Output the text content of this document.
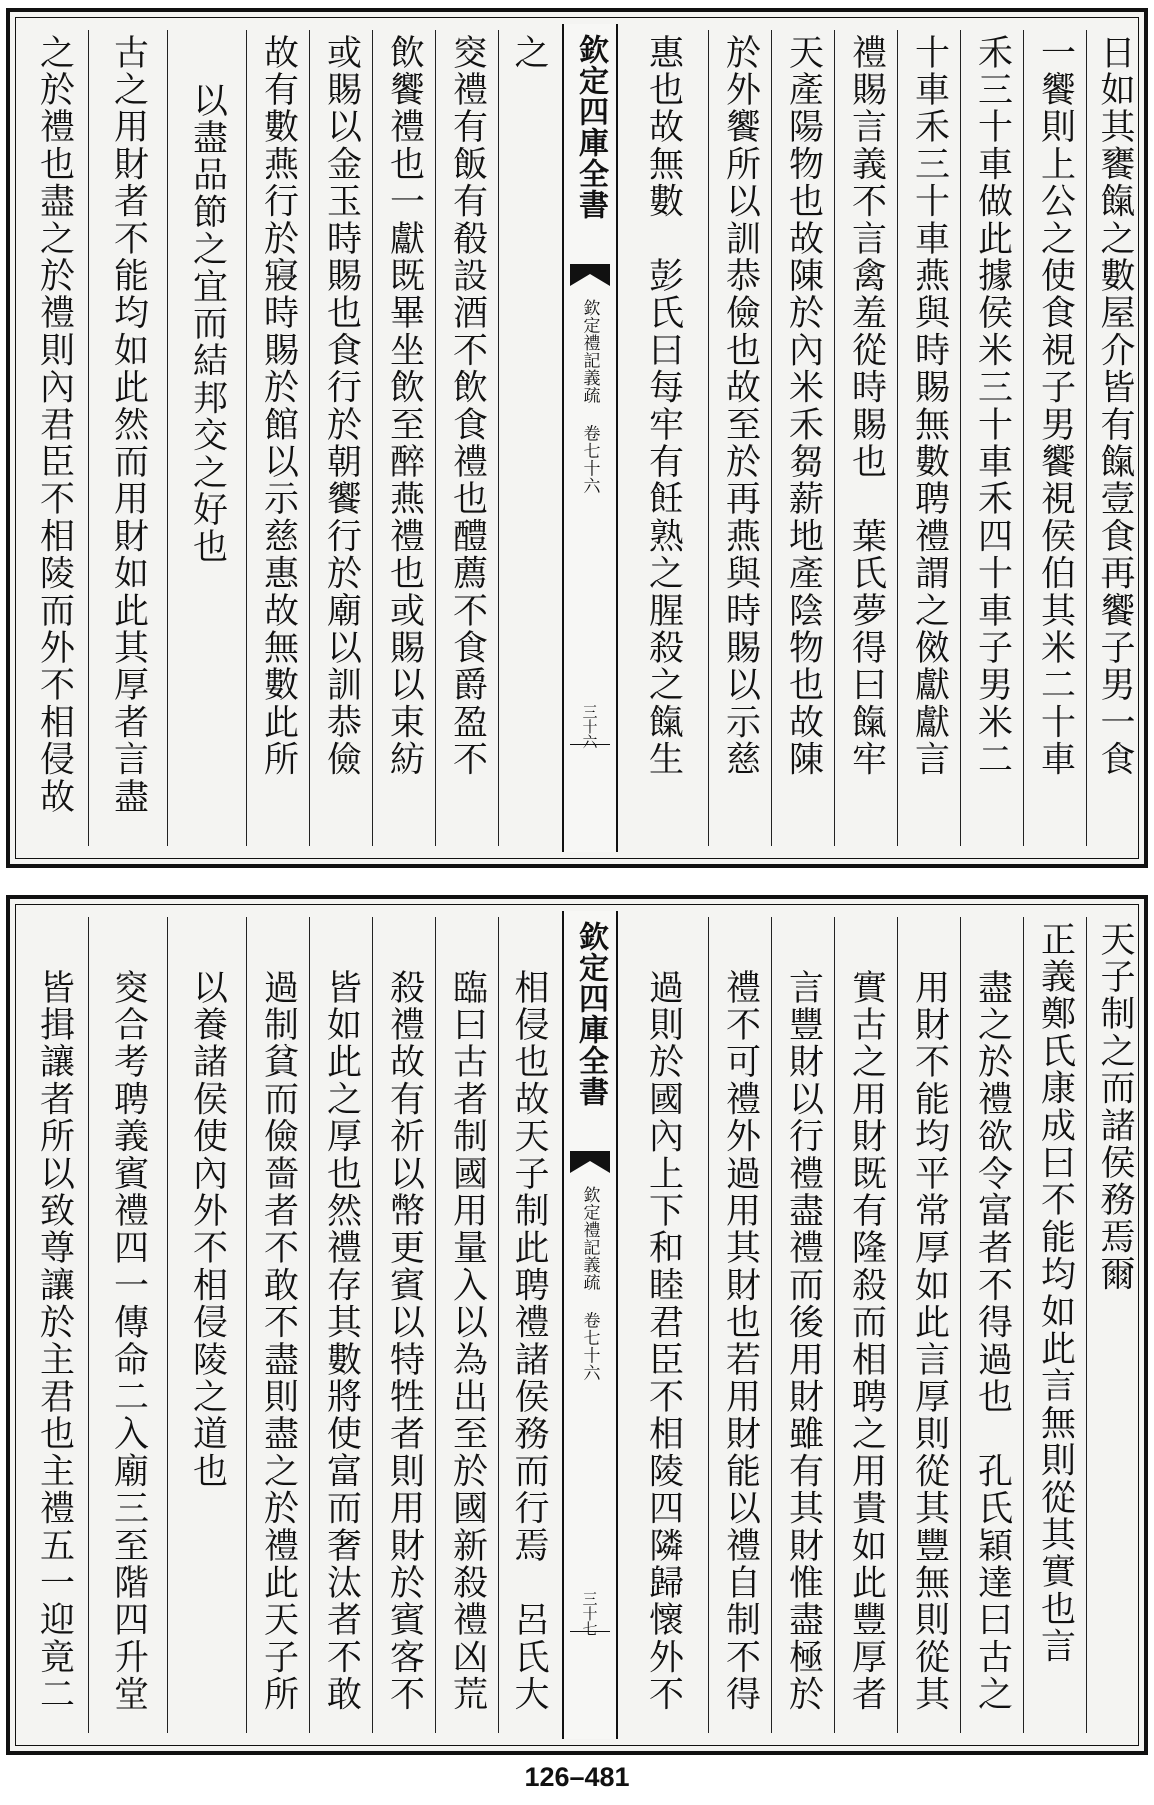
日如其饔餼之數屋介皆有餼壹食再饗子男一食
一饗則上公之使食視子男饗視侯伯其米二十車
禾三十車做此據侯米三十車禾四十車子男米二
十車禾三十車燕與時賜無數聘禮謂之傚獻獻言
禮賜言義不言禽羞從時賜也　葉氏夢得曰餼牢
天產陽物也故陳於內米禾芻薪地產陰物也故陳
於外饗所以訓恭儉也故至於再燕與時賜以示慈
惠也故無數　彭氏曰每牢有飪熟之腥殺之餼生
欽定四庫全書
欽定禮記義疏 卷七十六
三十六
之
窔禮有飯有殽設酒不飲食禮也醴薦不食爵盈不
飲饗禮也一獻既畢坐飲至醉燕禮也或賜以束紡
或賜以金玉時賜也食行於朝饗行於廟以訓恭儉
故有數燕行於寢時賜於館以示慈惠故無數此所
以盡品節之宜而結邦交之好也
古之用財者不能均如此然而用財如此其厚者言盡
之於禮也盡之於禮則內君臣不相陵而外不相侵故
天子制之而諸侯務焉爾
正義鄭氏康成曰不能均如此言無則從其實也言
盡之於禮欲令富者不得過也　孔氏穎達曰古之
用財不能均平常厚如此言厚則從其豐無則從其
實古之用財既有隆殺而相聘之用貴如此豐厚者
言豐財以行禮盡禮而後用財雖有其財惟盡極於
禮不可禮外過用其財也若用財能以禮自制不得
過則於國內上下和睦君臣不相陵四隣歸懷外不
欽定四庫全書
欽定禮記義疏 卷七十六
三十七
相侵也故天子制此聘禮諸侯務而行焉　呂氏大
臨曰古者制國用量入以為出至於國新殺禮凶荒
殺禮故有祈以幣更賓以特牲者則用財於賓客不
皆如此之厚也然禮存其數將使富而奢汰者不敢
過制貧而儉嗇者不敢不盡則盡之於禮此天子所
以養諸侯使內外不相侵陵之道也
窔合考聘義賓禮四一傳命二入廟三至階四升堂
皆揖讓者所以致尊讓於主君也主禮五一迎竟二
126–481
